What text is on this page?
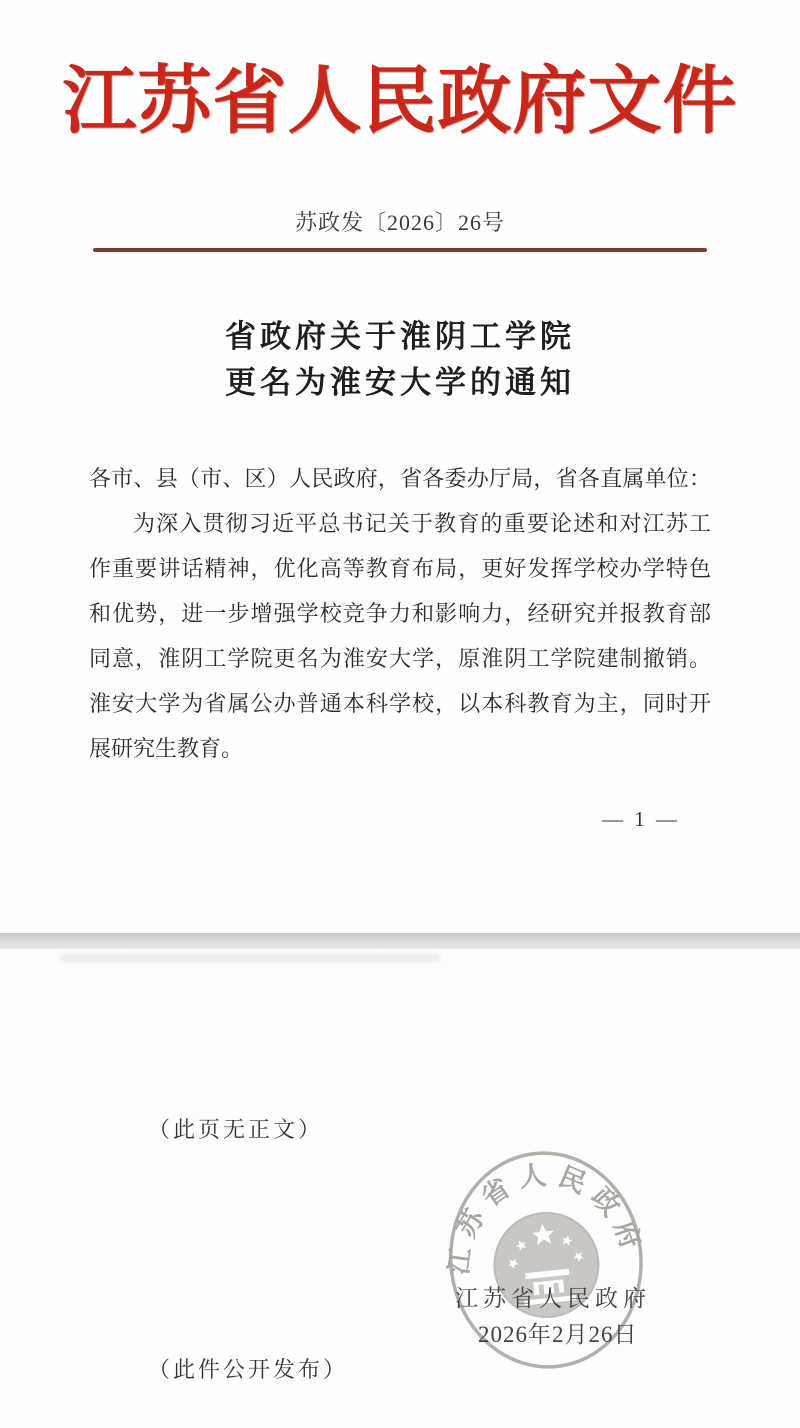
江苏省人民政府文件
苏政发〔2026〕26号
省政府关于淮阴工学院
更名为淮安大学的通知
各市、县（市、区）人民政府，省各委办厅局，省各直属单位：
为深入贯彻习近平总书记关于教育的重要论述和对江苏工
作重要讲话精神，优化高等教育布局，更好发挥学校办学特色
和优势，进一步增强学校竞争力和影响力，经研究并报教育部
同意，淮阴工学院更名为淮安大学，原淮阴工学院建制撤销。
淮安大学为省属公办普通本科学校，以本科教育为主，同时开
展研究生教育。
— 1 —
（此页无正文）
江苏省人民政府
江苏省人民政府
2026年2月26日
（此件公开发布）
